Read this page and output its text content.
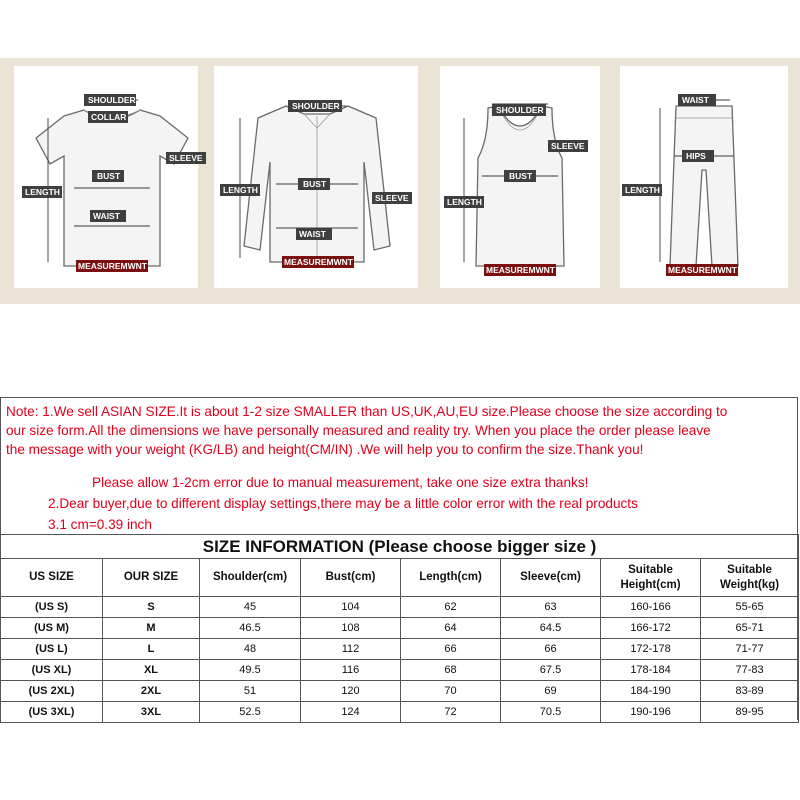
SHOULDER
COLLAR
SLEEVE
LENGTH
BUST
WAIST
MEASUREMWNT
SHOULDER
LENGTH
BUST
SLEEVE
WAIST
MEASUREMWNT
SHOULDER
SLEEVE
LENGTH
BUST
MEASUREMWNT
WAIST
HIPS
LENGTH
MEASUREMWNT
Note: 1.We sell ASIAN SIZE.It is about 1-2 size SMALLER than US,UK,AU,EU size.Please choose the size according to
our size form.All the dimensions we have personally measured and reality try. When you place the order please leave
the message with your weight (KG/LB) and height(CM/IN) .We will help you to confirm the size.Thank you!
Please allow 1-2cm error due to manual measurement, take one size extra thanks!
2.Dear buyer,due to different display settings,there may be a little color error with the real products
3.1 cm=0.39 inch
SIZE INFORMATION (Please choose bigger size )							
US SIZE	OUR SIZE	Shoulder(cm)	Bust(cm)	Length(cm)	Sleeve(cm)	Suitable Height(cm)	Suitable Weight(kg)
(US S)	S	45	104	62	63	160-166	55-65
(US M)	M	46.5	108	64	64.5	166-172	65-71
(US L)	L	48	112	66	66	172-178	71-77
(US XL)	XL	49.5	116	68	67.5	178-184	77-83
(US 2XL)	2XL	51	120	70	69	184-190	83-89
(US 3XL)	3XL	52.5	124	72	70.5	190-196	89-95
